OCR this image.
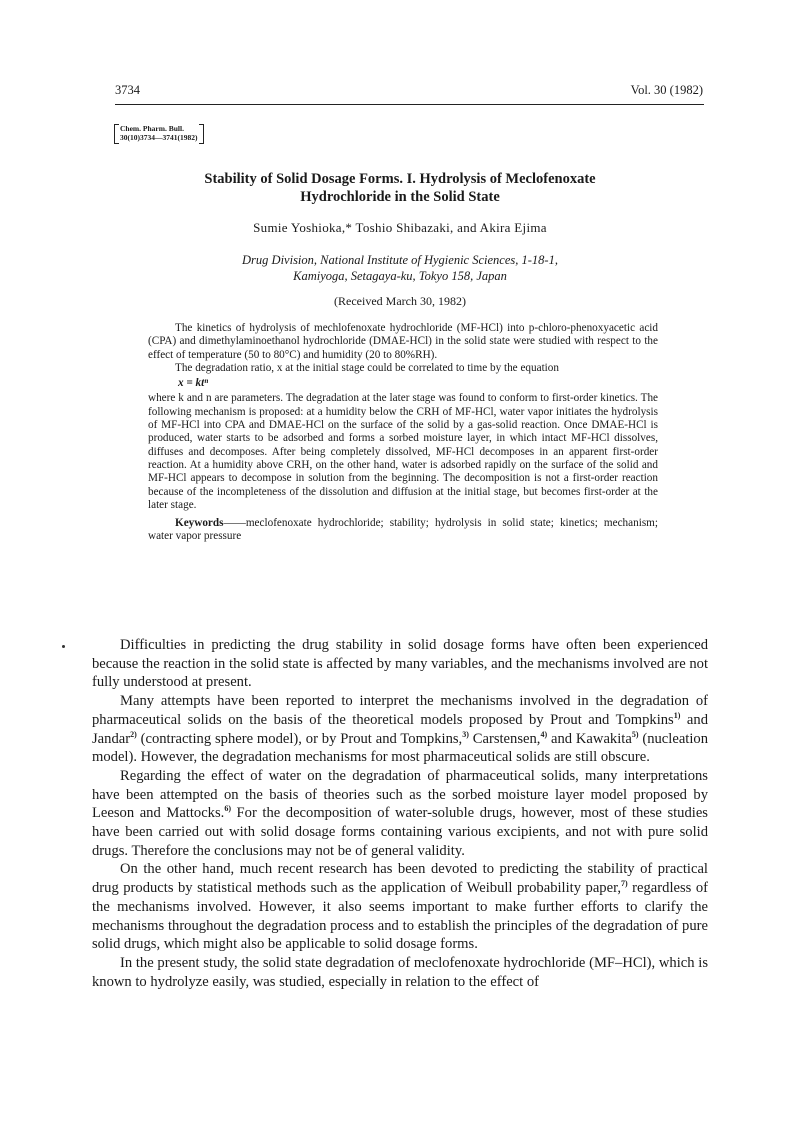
3734	Vol. 30 (1982)
Chem. Pharm. Bull.
30(10)3734—3741(1982)
Stability of Solid Dosage Forms. I. Hydrolysis of Meclofenoxate
Hydrochloride in the Solid State
Sumie Yoshioka,* Toshio Shibazaki, and Akira Ejima
Drug Division, National Institute of Hygienic Sciences, 1-18-1,
Kamiyoga, Setagaya-ku, Tokyo 158, Japan
(Received March 30, 1982)

The kinetics of hydrolysis of mechlofenoxate hydrochloride (MF-HCl) into p-chloro-phenoxyacetic acid (CPA) and dimethylaminoethanol hydrochloride (DMAE-HCl) in the solid state were studied with respect to the effect of temperature (50 to 80°C) and humidity (20 to 80%RH).

The degradation ratio, x at the initial stage could be correlated to time by the equation

x = ktⁿ

where k and n are parameters. The degradation at the later stage was found to conform to first-order kinetics. The following mechanism is proposed: at a humidity below the CRH of MF-HCl, water vapor initiates the hydrolysis of MF-HCl into CPA and DMAE-HCl on the surface of the solid by a gas-solid reaction. Once DMAE-HCl is produced, water starts to be adsorbed and forms a sorbed moisture layer, in which intact MF-HCl dissolves, diffuses and decomposes. After being completely dissolved, MF-HCl decomposes in an apparent first-order reaction. At a humidity above CRH, on the other hand, water is adsorbed rapidly on the surface of the solid and MF-HCl appears to decompose in solution from the beginning. The decomposition is not a first-order reaction because of the incompleteness of the dissolution and diffusion at the initial stage, but becomes first-order at the later stage.

Keywords——meclofenoxate hydrochloride; stability; hydrolysis in solid state; kinetics; mechanism; water vapor pressure

Difficulties in predicting the drug stability in solid dosage forms have often been experienced because the reaction in the solid state is affected by many variables, and the mechanisms involved are not fully understood at present.

Many attempts have been reported to interpret the mechanisms involved in the degradation of pharmaceutical solids on the basis of the theoretical models proposed by Prout and Tompkins$^{1)}$ and Jandar$^{2)}$ (contracting sphere model), or by Prout and Tompkins,$^{3)}$ Carstensen,$^{4)}$ and Kawakita$^{5)}$ (nucleation model). However, the degradation mechanisms for most pharmaceutical solids are still obscure.

Regarding the effect of water on the degradation of pharmaceutical solids, many interpretations have been attempted on the basis of theories such as the sorbed moisture layer model proposed by Leeson and Mattocks.$^{6)}$ For the decomposition of water-soluble drugs, however, most of these studies have been carried out with solid dosage forms containing various excipients, and not with pure solid drugs. Therefore the conclusions may not be of general validity.

On the other hand, much recent research has been devoted to predicting the stability of practical drug products by statistical methods such as the application of Weibull probability paper,$^{7)}$ regardless of the mechanisms involved. However, it also seems important to make further efforts to clarify the mechanisms throughout the degradation process and to establish the principles of the degradation of pure solid drugs, which might also be applicable to solid dosage forms.

In the present study, the solid state degradation of meclofenoxate hydrochloride (MF–HCl), which is known to hydrolyze easily, was studied, especially in relation to the effect of
